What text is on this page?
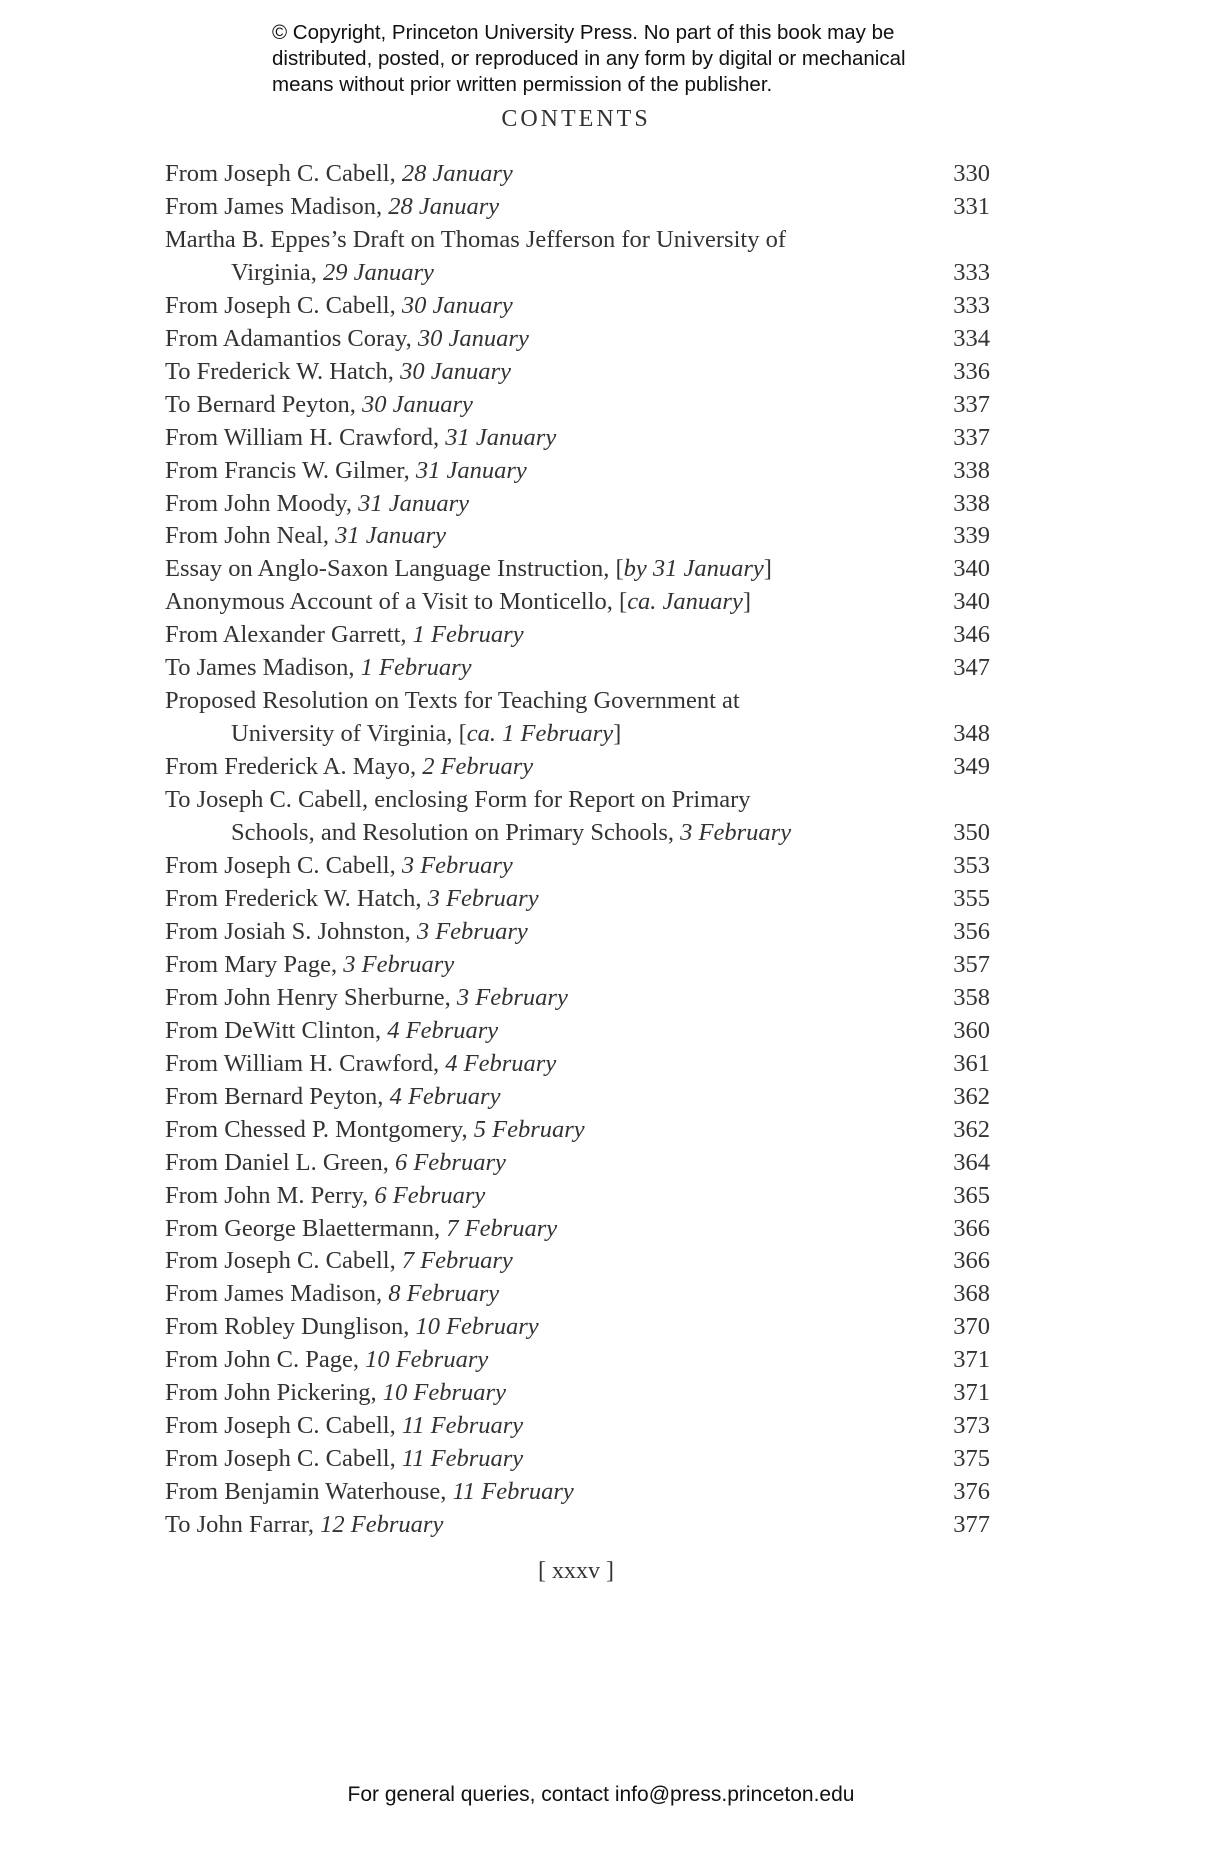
© Copyright, Princeton University Press. No part of this book may be
distributed, posted, or reproduced in any form by digital or mechanical
means without prior written permission of the publisher.
CONTENTS
From Joseph C. Cabell, 28 January	330
From James Madison, 28 January	331
Martha B. Eppes’s Draft on Thomas Jefferson for University of
Virginia, 29 January	333
From Joseph C. Cabell, 30 January	333
From Adamantios Coray, 30 January	334
To Frederick W. Hatch, 30 January	336
To Bernard Peyton, 30 January	337
From William H. Crawford, 31 January	337
From Francis W. Gilmer, 31 January	338
From John Moody, 31 January	338
From John Neal, 31 January	339
Essay on Anglo-Saxon Language Instruction, [by 31 January]	340
Anonymous Account of a Visit to Monticello, [ca. January]	340
From Alexander Garrett, 1 February	346
To James Madison, 1 February	347
Proposed Resolution on Texts for Teaching Government at
University of Virginia, [ca. 1 February]	348
From Frederick A. Mayo, 2 February	349
To Joseph C. Cabell, enclosing Form for Report on Primary
Schools, and Resolution on Primary Schools, 3 February	350
From Joseph C. Cabell, 3 February	353
From Frederick W. Hatch, 3 February	355
From Josiah S. Johnston, 3 February	356
From Mary Page, 3 February	357
From John Henry Sherburne, 3 February	358
From DeWitt Clinton, 4 February	360
From William H. Crawford, 4 February	361
From Bernard Peyton, 4 February	362
From Chessed P. Montgomery, 5 February	362
From Daniel L. Green, 6 February	364
From John M. Perry, 6 February	365
From George Blaettermann, 7 February	366
From Joseph C. Cabell, 7 February	366
From James Madison, 8 February	368
From Robley Dunglison, 10 February	370
From John C. Page, 10 February	371
From John Pickering, 10 February	371
From Joseph C. Cabell, 11 February	373
From Joseph C. Cabell, 11 February	375
From Benjamin Waterhouse, 11 February	376
To John Farrar, 12 February	377
[ xxxv ]
For general queries, contact info@press.princeton.edu
